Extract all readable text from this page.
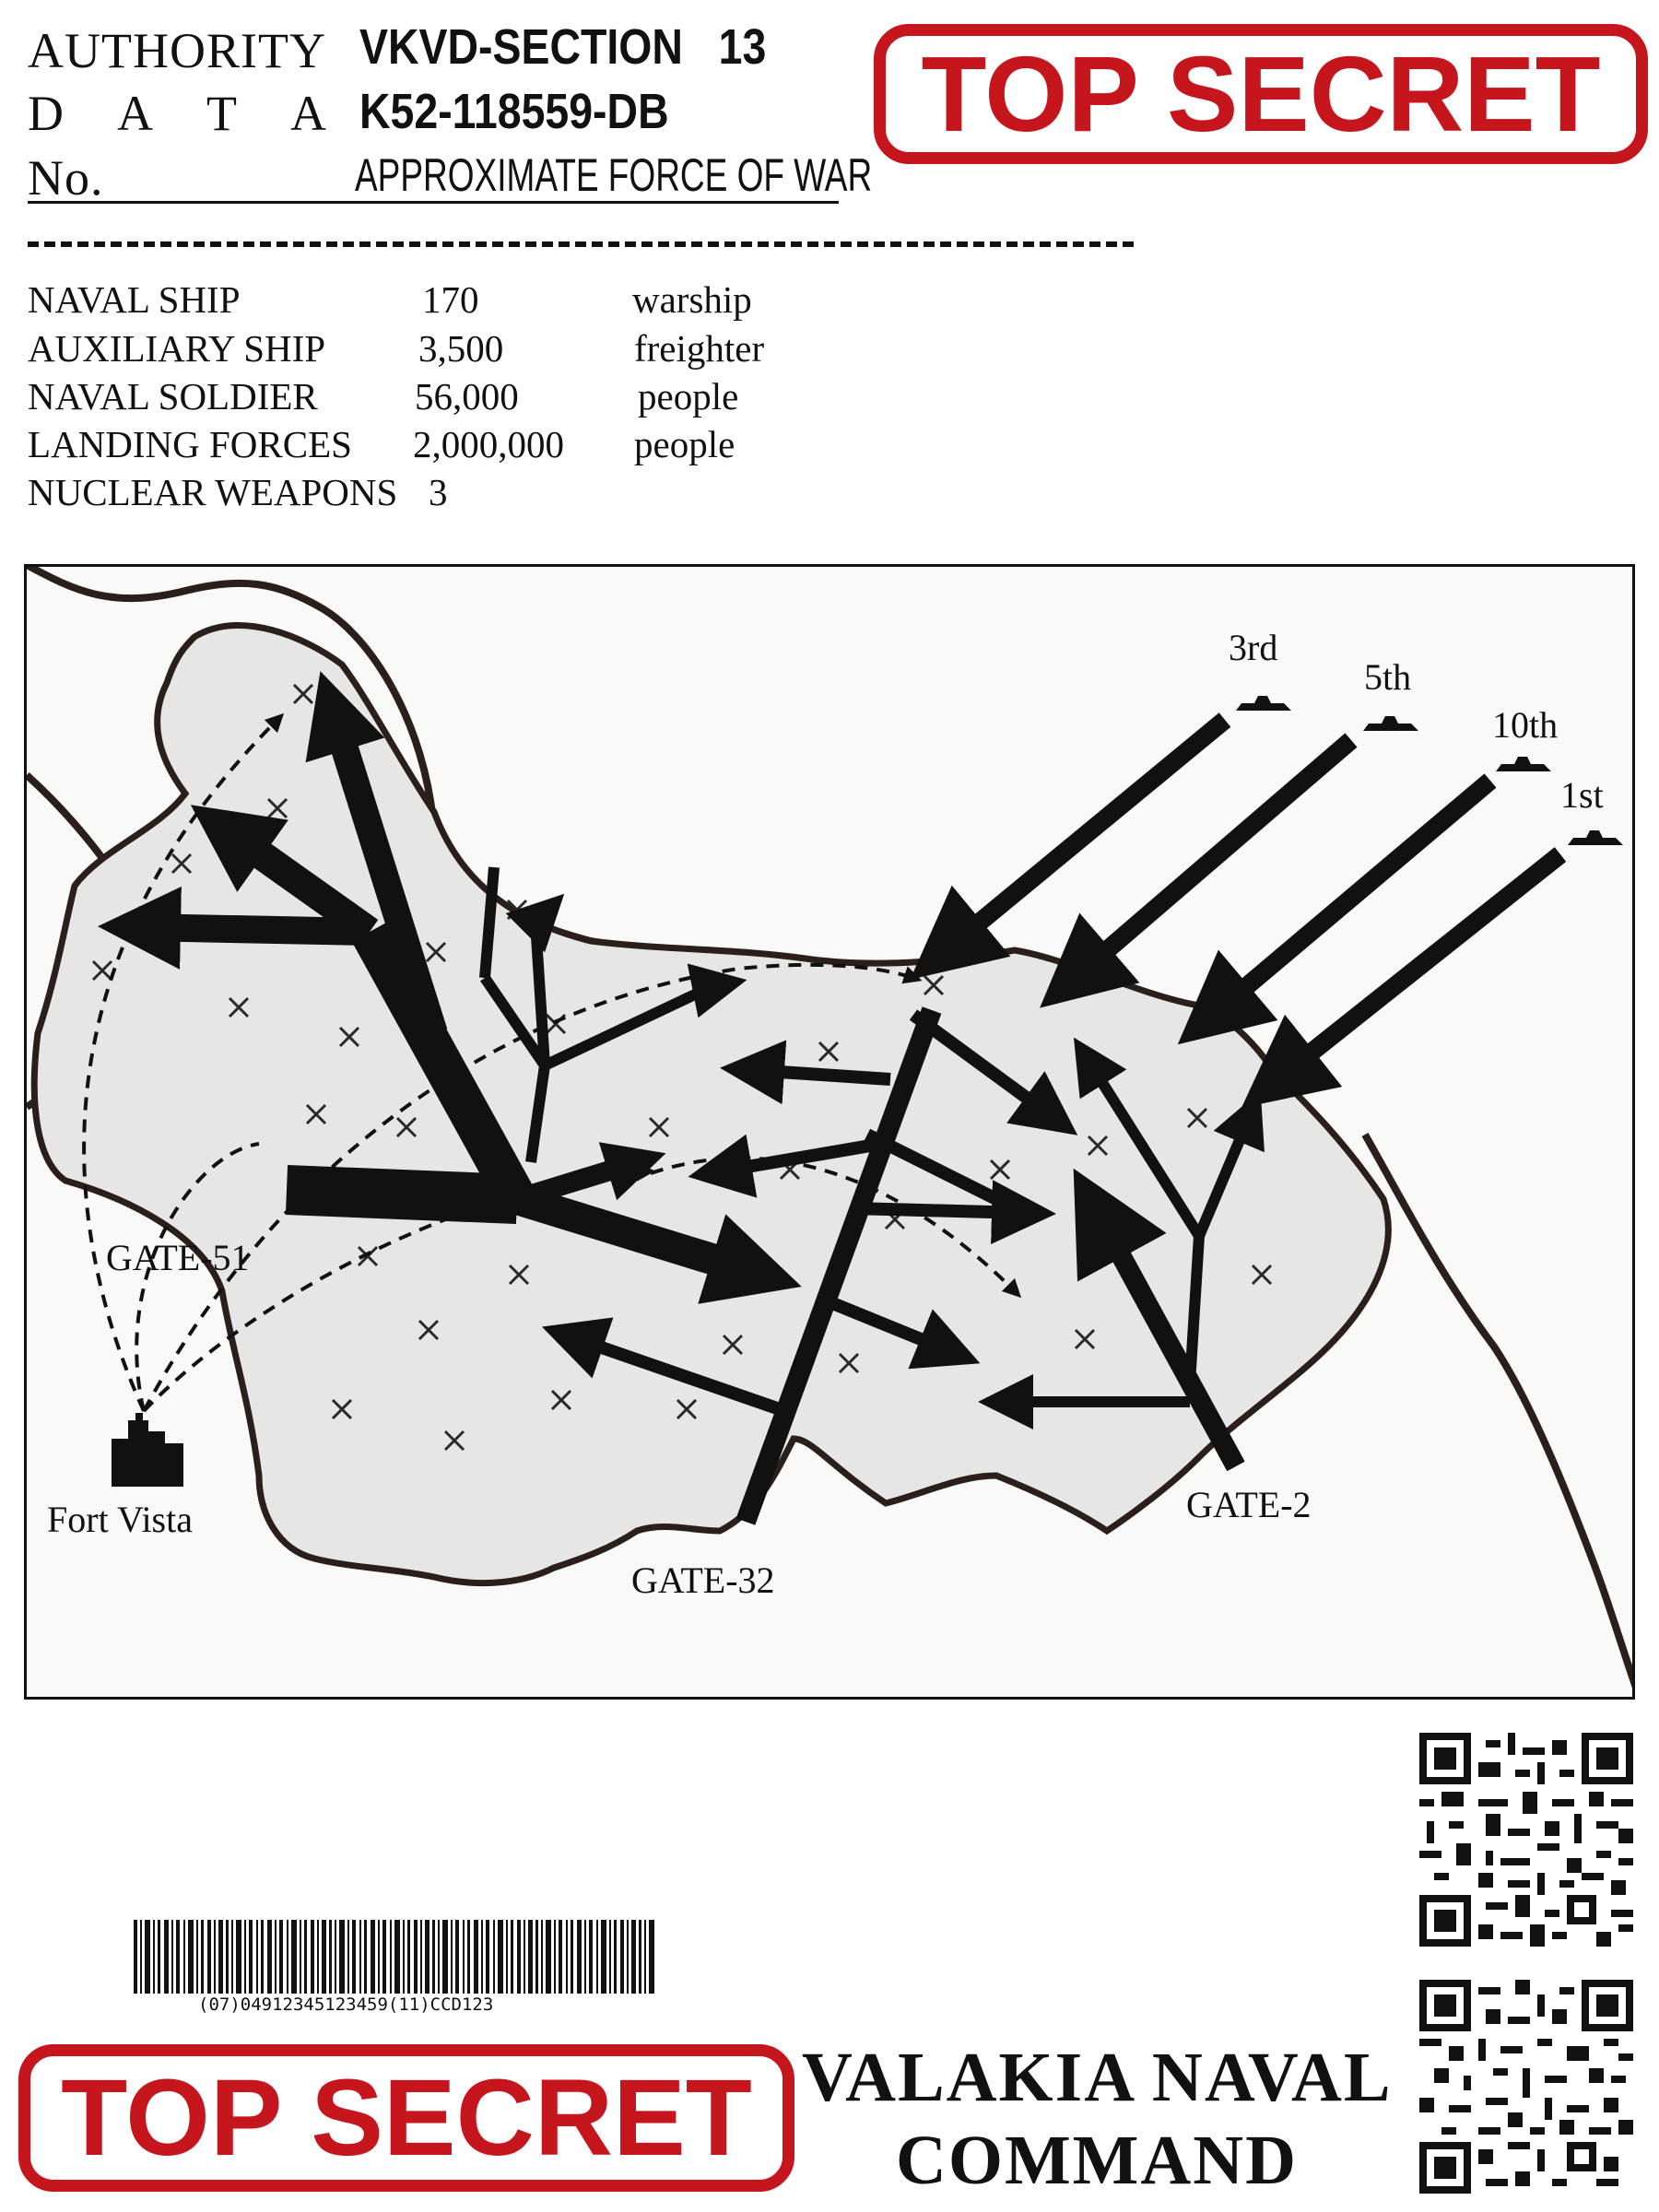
AUTHORITY VKVD-SECTION   13
D A T A K52-118559-DB
No.	APPROXIMATE FORCE OF WAR
TOP SECRET
NAVAL SHIP	170	warship
AUXILIARY SHIP 3,500	freighter
NAVAL SOLDIER	56,000	people
LANDING FORCES 2,000,000 people
NUCLEAR WEAPONS 3
3rd
5th
10th
1st
GATE-51
GATE-32
GATE-2
Fort Vista
(07)04912345123459(11)CCD123
TOP SECRET VALAKIA NAVAL
COMMAND
